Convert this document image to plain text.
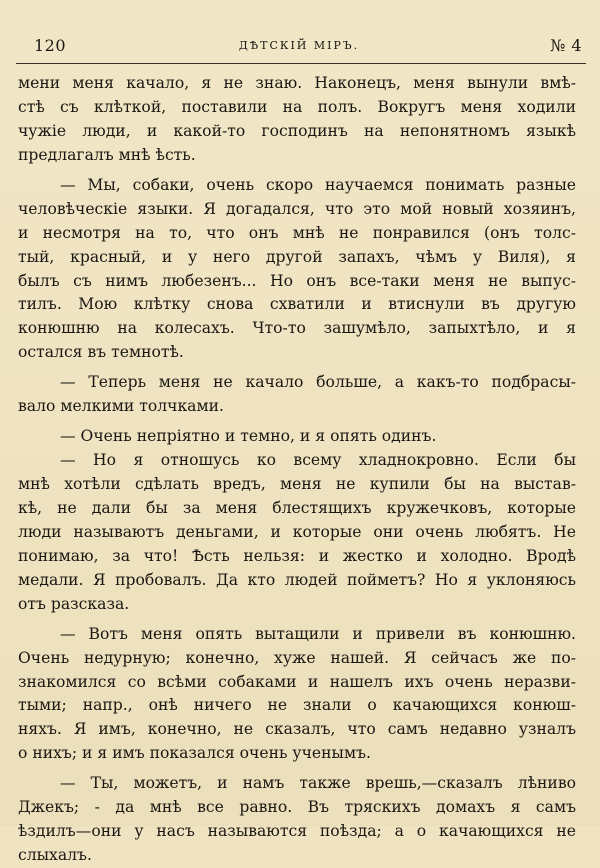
120	ДѢТСКIЙ МIРЪ.	№ 4
мени меня качало, я не знаю. Наконецъ, меня вынули вмѣ-
стѣ съ клѣткой, поставили на полъ. Вокругъ меня ходили
чужiе люди, и какой-то господинъ на непонятномъ языкѣ
предлагалъ мнѣ ѣсть.
— Мы, собаки, очень скоро научаемся понимать разные
человѣческiе языки. Я догадался, что это мой новый хозяинъ,
и несмотря на то, что онъ мнѣ не понравился (онъ толс-
тый, красный, и у него другой запахъ, чѣмъ у Виля), я
былъ съ нимъ любезенъ... Но онъ все-таки меня не выпус-
тилъ. Мою клѣтку снова схватили и втиснули въ другую
конюшню на колесахъ. Что-то зашумѣло, запыхтѣло, и я
остался въ темнотѣ.
— Теперь меня не качало больше, а какъ-то подбрасы-
вало мелкими толчками.
— Очень непрiятно и темно, и я опять одинъ.
— Но я отношусь ко всему хладнокровно. Если бы
мнѣ хотѣли сдѣлать вредъ, меня не купили бы на выстав-
кѣ, не дали бы за меня блестящихъ кружечковъ, которые
люди называютъ деньгами, и которые они очень любятъ. Не
понимаю, за что! Ѣсть нельзя: и жестко и холодно. Вродѣ
медали. Я пробовалъ. Да кто людей пойметъ? Но я уклоняюсь
отъ разсказа.
— Вотъ меня опять вытащили и привели въ конюшню.
Очень недурную; конечно, хуже нашей. Я сейчасъ же по-
знакомился со всѣми собаками и нашелъ ихъ очень неразви-
тыми; напр., онѣ ничего не знали о качающихся конюш-
няхъ. Я имъ, конечно, не сказалъ, что самъ недавно узналъ
о нихъ; и я имъ показался очень ученымъ.
— Ты, можетъ, и намъ также врешь,—сказалъ лѣниво
Джекъ; - да мнѣ все равно. Въ тряскихъ домахъ я самъ
ѣздилъ—они у насъ называются поѣзда; а о качающихся не
слыхалъ.
